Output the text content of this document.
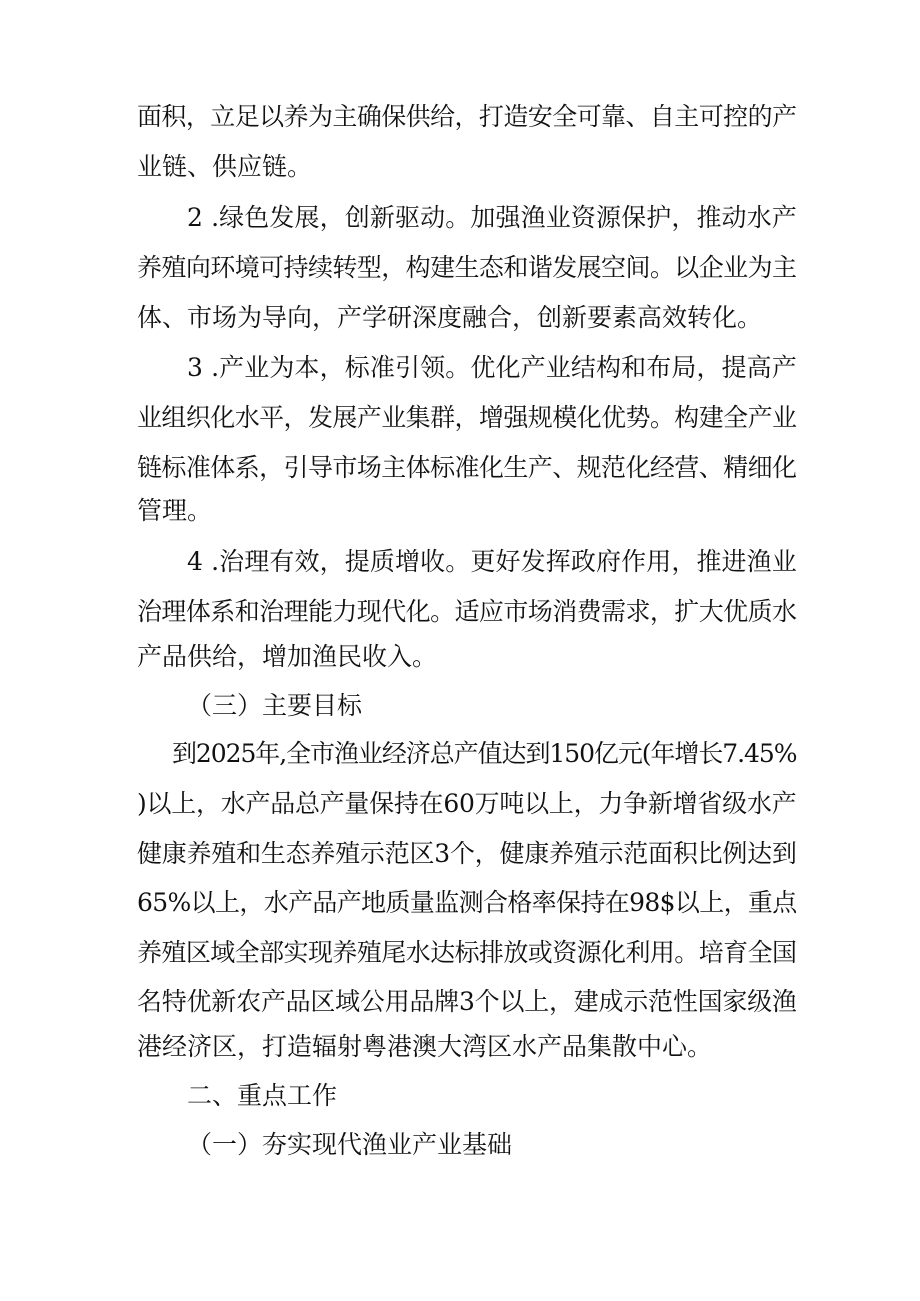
面积，立足以养为主确保供给，打造安全可靠、自主可控的产
业链、供应链。
2 .绿色发展，创新驱动。加强渔业资源保护，推动水产
养殖向环境可持续转型，构建生态和谐发展空间。以企业为主
体、市场为导向，产学研深度融合，创新要素高效转化。
3 .产业为本，标准引领。优化产业结构和布局，提高产
业组织化水平，发展产业集群，增强规模化优势。构建全产业
链标准体系，引导市场主体标准化生产、规范化经营、精细化
管理。
4 .治理有效，提质增收。更好发挥政府作用，推进渔业
治理体系和治理能力现代化。适应市场消费需求，扩大优质水
产品供给，增加渔民收入。
（三）主要目标
到2025年,全市渔业经济总产值达到150亿元(年增长7.45%
)以上，水产品总产量保持在60万吨以上，力争新增省级水产
健康养殖和生态养殖示范区3个，健康养殖示范面积比例达到
65%以上，水产品产地质量监测合格率保持在98$以上，重点
养殖区域全部实现养殖尾水达标排放或资源化利用。培育全国
名特优新农产品区域公用品牌3个以上，建成示范性国家级渔
港经济区，打造辐射粤港澳大湾区水产品集散中心。
二、重点工作
（一）夯实现代渔业产业基础
